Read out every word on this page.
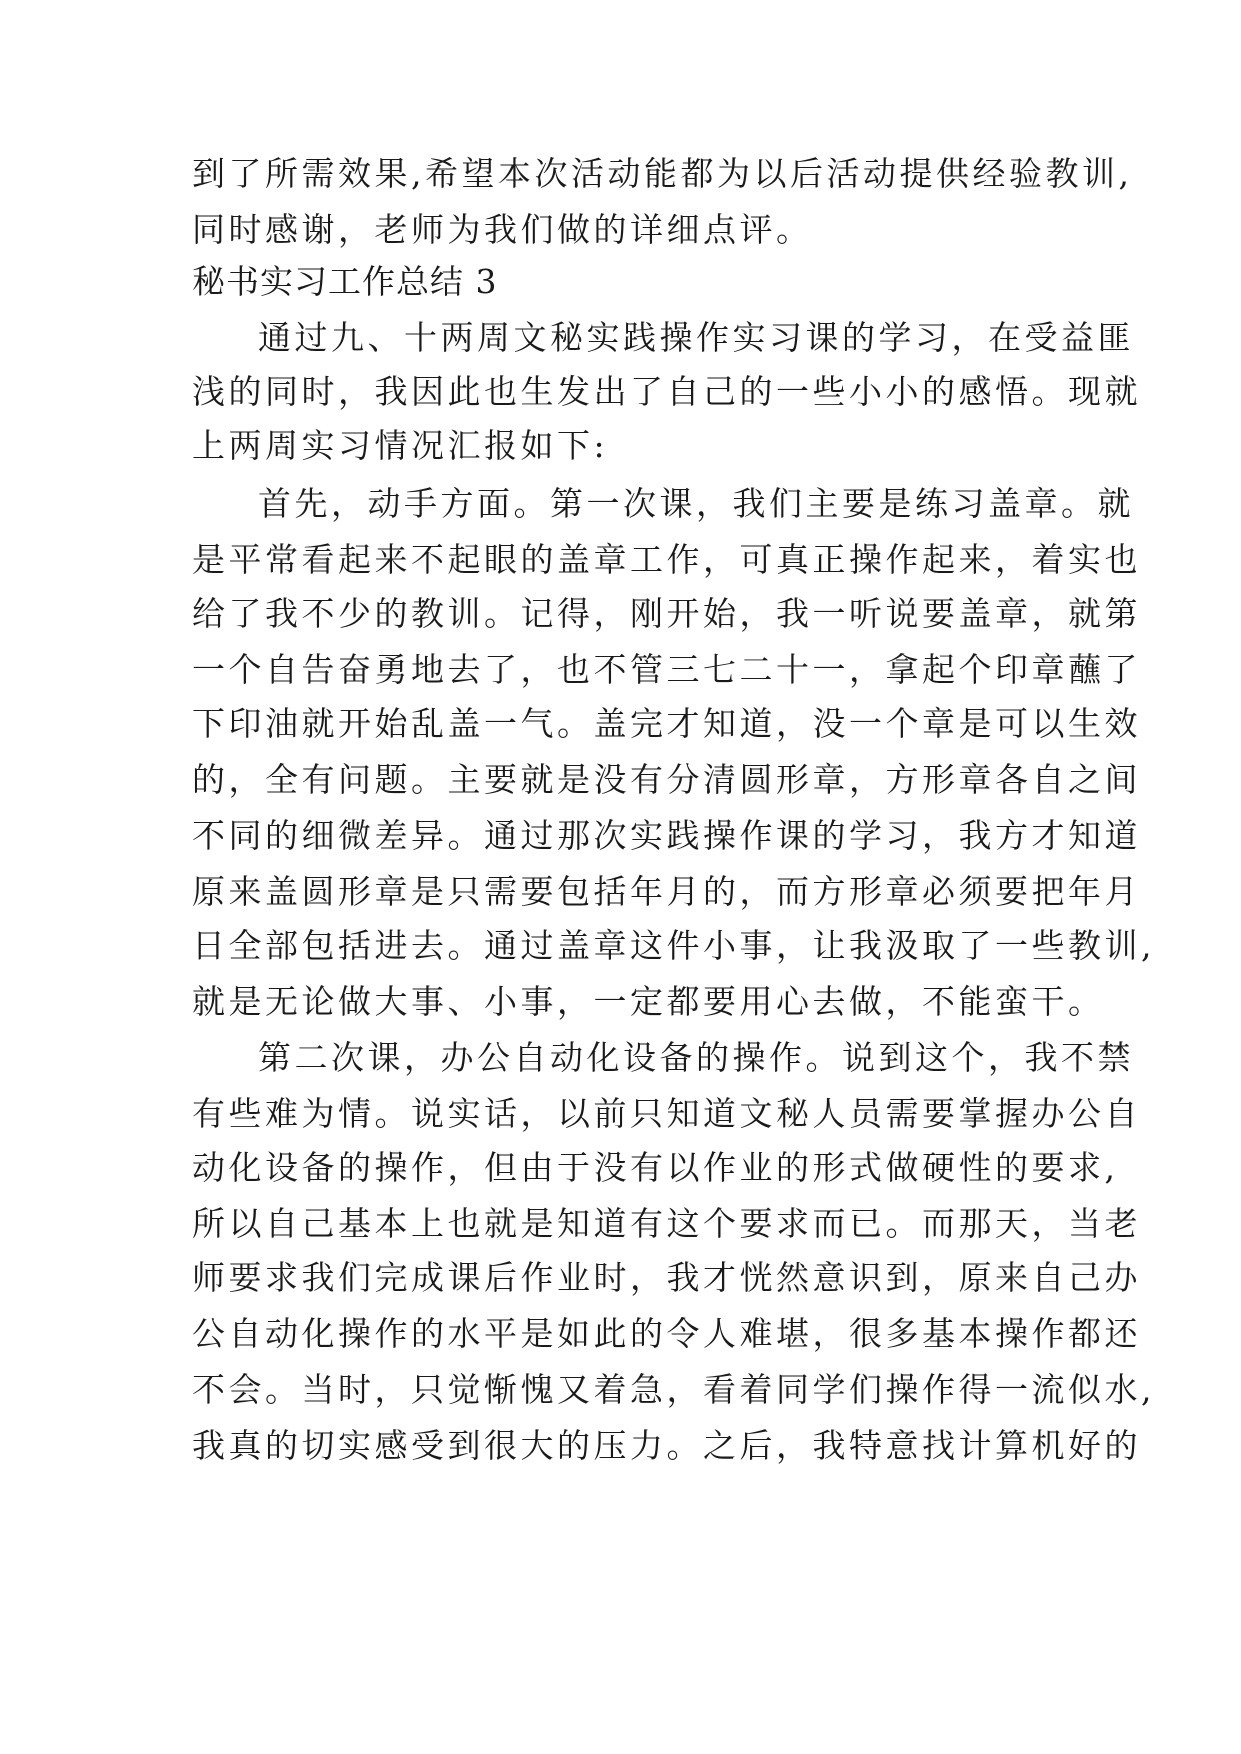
到了所需效果,希望本次活动能都为以后活动提供经验教训,
同时感谢，老师为我们做的详细点评。
秘书实习工作总结 3
通过九、十两周文秘实践操作实习课的学习，在受益匪
浅的同时，我因此也生发出了自己的一些小小的感悟。现就
上两周实习情况汇报如下:
首先，动手方面。第一次课，我们主要是练习盖章。就
是平常看起来不起眼的盖章工作，可真正操作起来，着实也
给了我不少的教训。记得，刚开始，我一听说要盖章，就第
一个自告奋勇地去了，也不管三七二十一，拿起个印章蘸了
下印油就开始乱盖一气。盖完才知道，没一个章是可以生效
的，全有问题。主要就是没有分清圆形章，方形章各自之间
不同的细微差异。通过那次实践操作课的学习，我方才知道
原来盖圆形章是只需要包括年月的，而方形章必须要把年月
日全部包括进去。通过盖章这件小事，让我汲取了一些教训,
就是无论做大事、小事，一定都要用心去做，不能蛮干。
第二次课，办公自动化设备的操作。说到这个，我不禁
有些难为情。说实话，以前只知道文秘人员需要掌握办公自
动化设备的操作，但由于没有以作业的形式做硬性的要求,
所以自己基本上也就是知道有这个要求而已。而那天，当老
师要求我们完成课后作业时，我才恍然意识到，原来自己办
公自动化操作的水平是如此的令人难堪，很多基本操作都还
不会。当时，只觉惭愧又着急，看着同学们操作得一流似水,
我真的切实感受到很大的压力。之后，我特意找计算机好的
